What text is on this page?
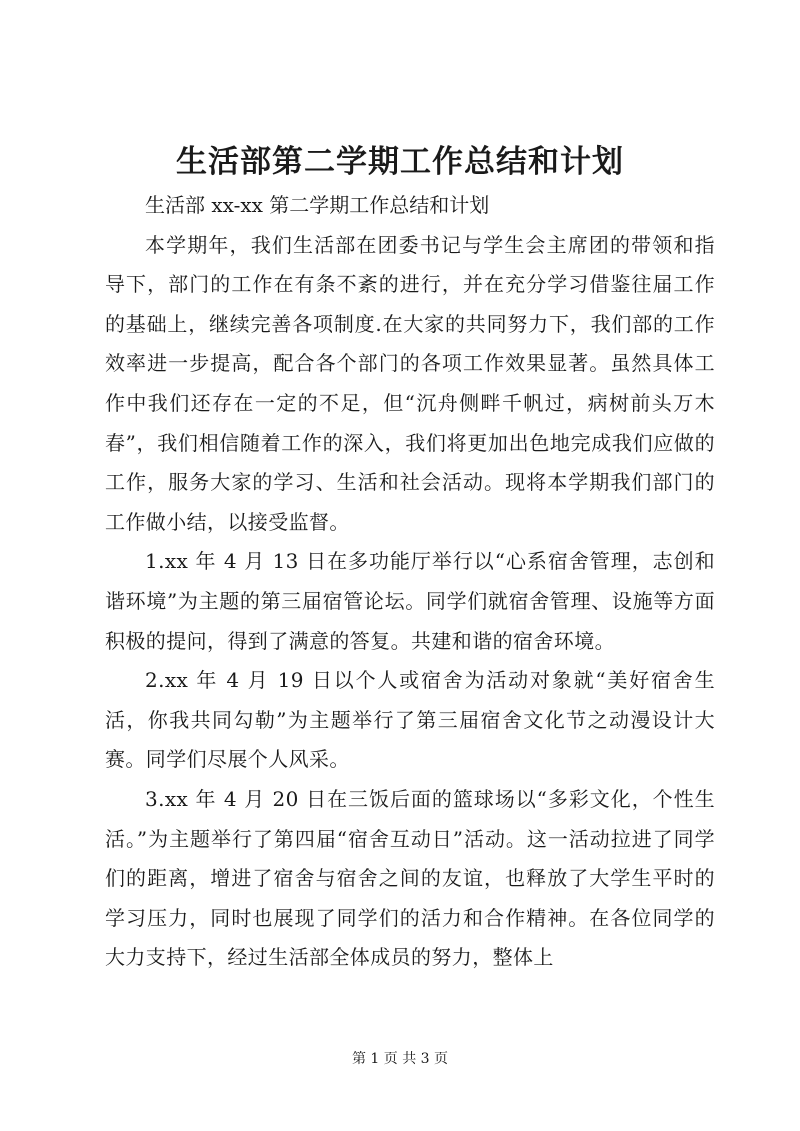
生活部第二学期工作总结和计划

生活部 xx-xx 第二学期工作总结和计划

本学期年，我们生活部在团委书记与学生会主席团的带领和指导下，部门的工作在有条不紊的进行，并在充分学习借鉴往届工作的基础上，继续完善各项制度.在大家的共同努力下，我们部的工作效率进一步提高，配合各个部门的各项工作效果显著。虽然具体工作中我们还存在一定的不足，但“沉舟侧畔千帆过，病树前头万木春”，我们相信随着工作的深入，我们将更加出色地完成我们应做的工作，服务大家的学习、生活和社会活动。现将本学期我们部门的工作做小结，以接受监督。

1.xx 年 4 月 13 日在多功能厅举行以“心系宿舍管理，志创和谐环境”为主题的第三届宿管论坛。同学们就宿舍管理、设施等方面积极的提问，得到了满意的答复。共建和谐的宿舍环境。

2.xx 年 4 月 19 日以个人或宿舍为活动对象就“美好宿舍生活，你我共同勾勒”为主题举行了第三届宿舍文化节之动漫设计大赛。同学们尽展个人风采。

3.xx 年 4 月 20 日在三饭后面的篮球场以“多彩文化，个性生活。”为主题举行了第四届“宿舍互动日”活动。这一活动拉进了同学们的距离，增进了宿舍与宿舍之间的友谊，也释放了大学生平时的学习压力，同时也展现了同学们的活力和合作精神。在各位同学的大力支持下，经过生活部全体成员的努力，整体上

第 1 页 共 3 页
